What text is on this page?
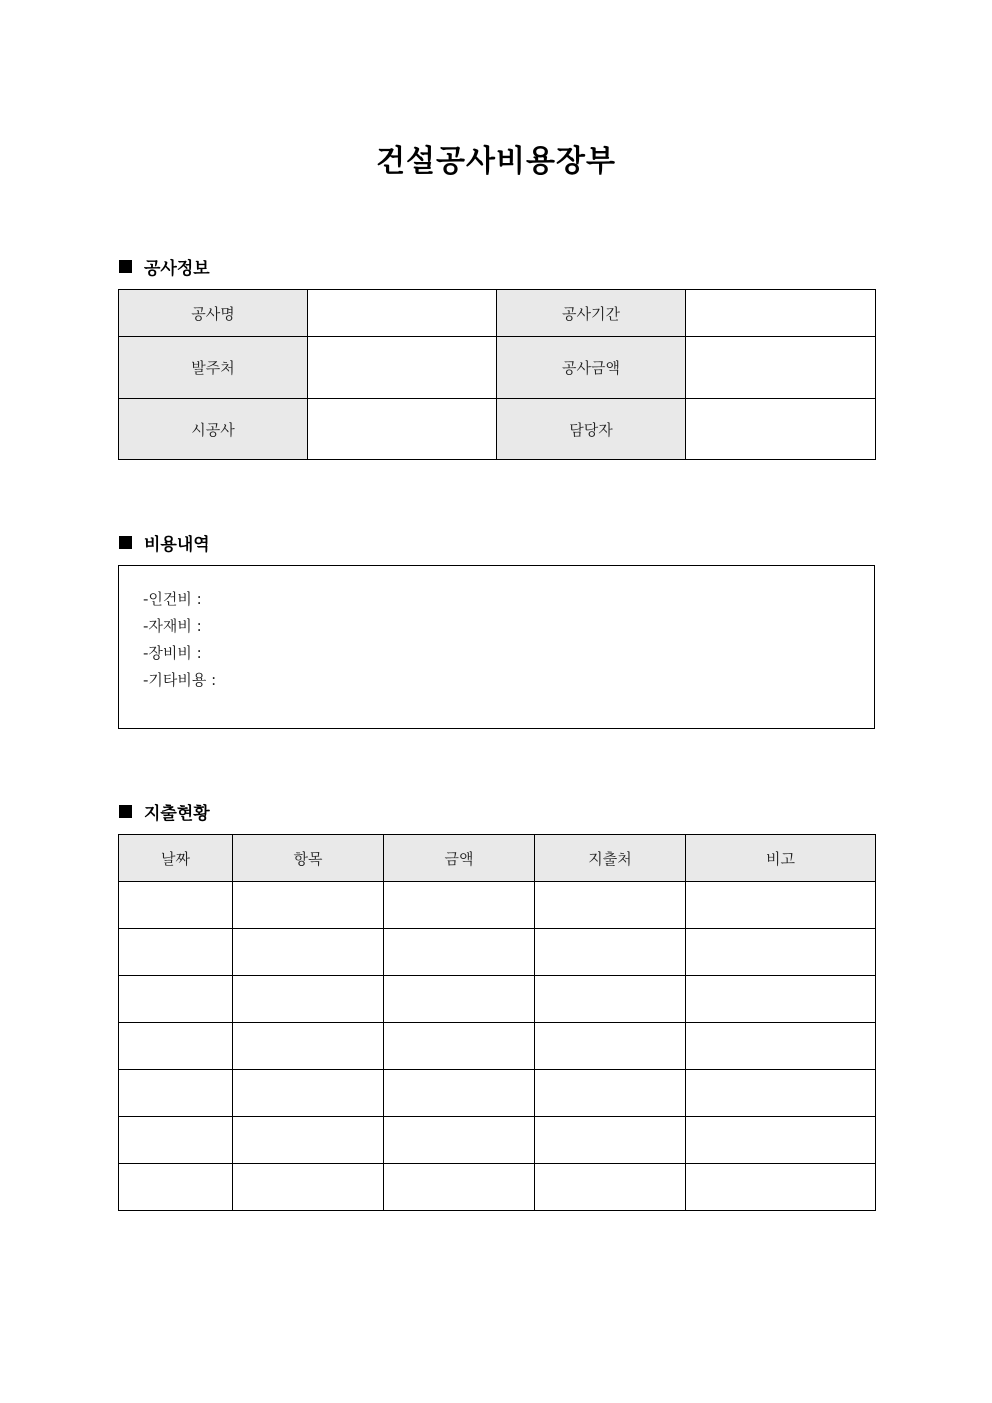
건설공사비용장부
공사정보
공사명		공사기간	
발주처		공사금액	
시공사		담당자	
비용내역
-인건비 :
-자재비 :
-장비비 :
-기타비용 :
지출현황
날짜	항목	금액	지출처	비고
